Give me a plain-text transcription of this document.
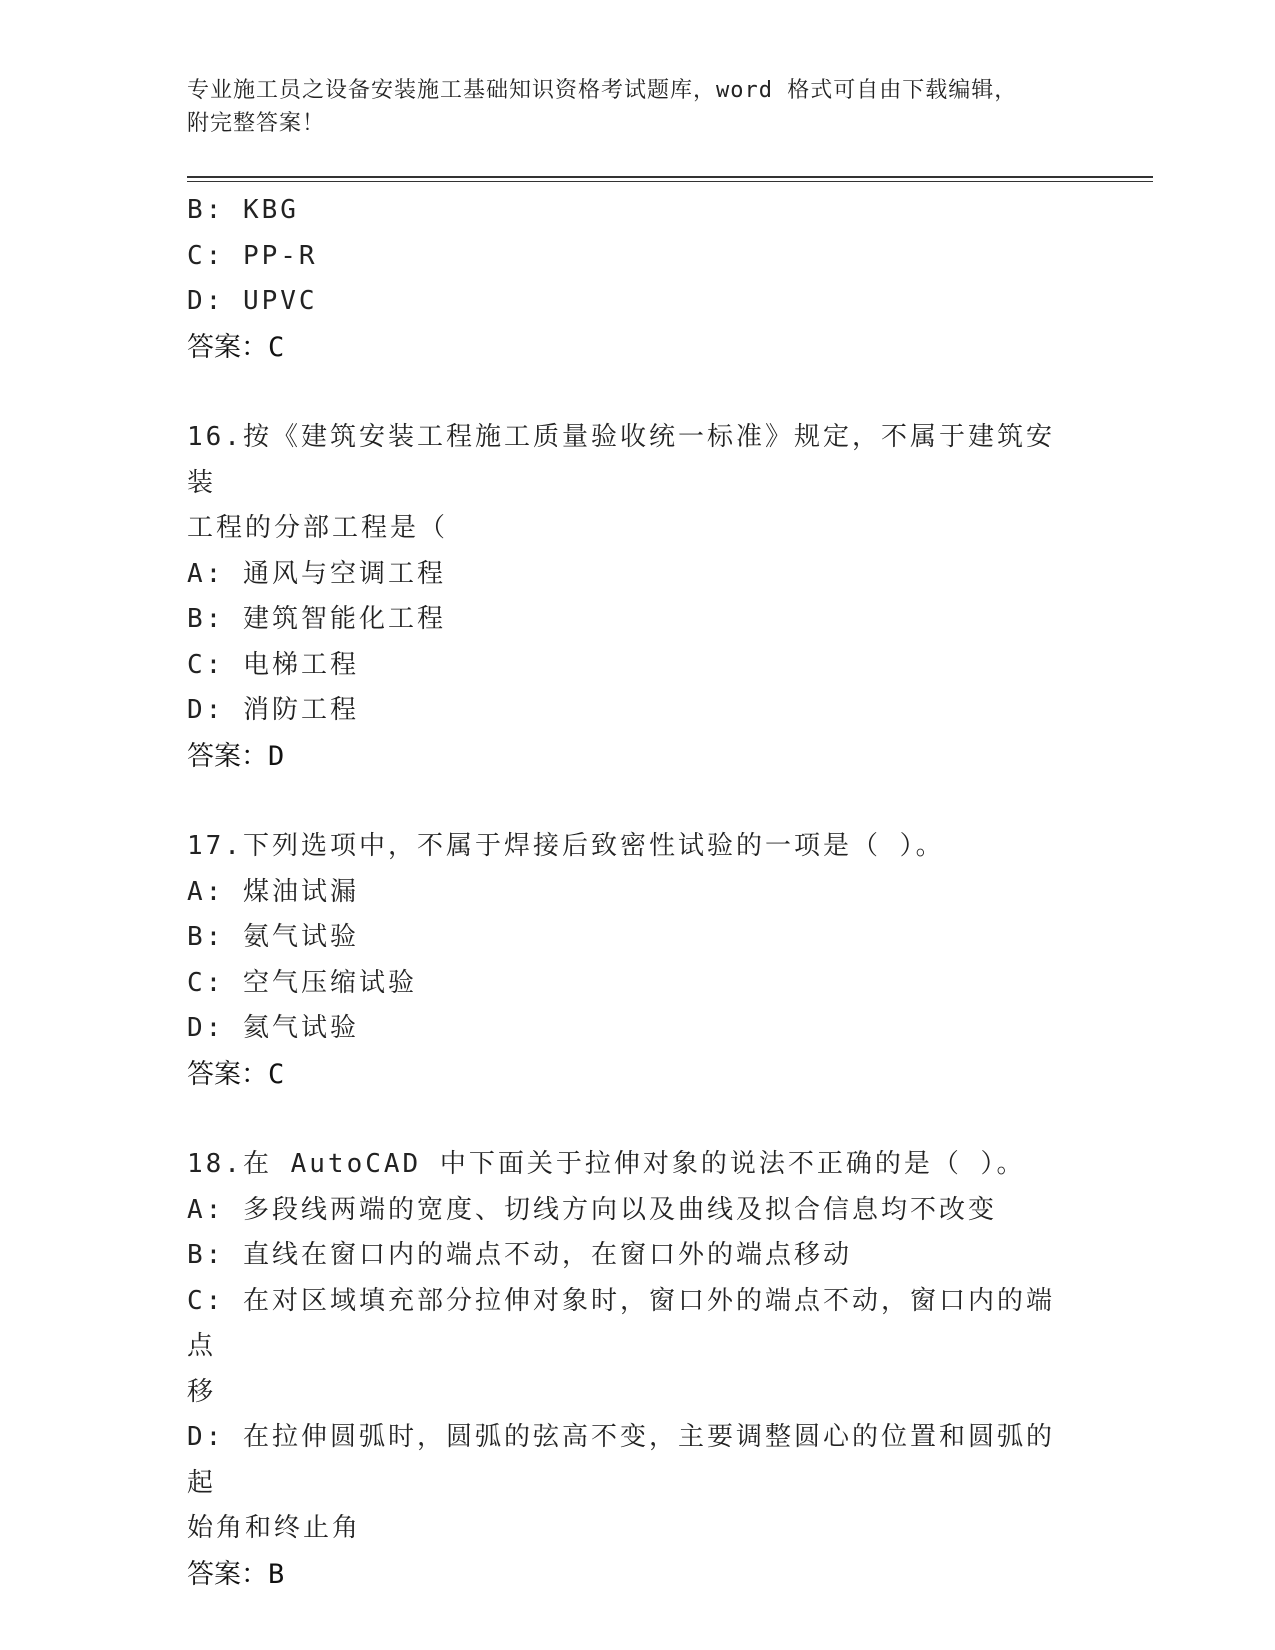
专业施工员之设备安装施工基础知识资格考试题库，word 格式可自由下载编辑，
附完整答案！
B: KBG
C: PP-R
D: UPVC
答案：C
16.按《建筑安装工程施工质量验收统一标准》规定，不属于建筑安装
工程的分部工程是（
A: 通风与空调工程
B: 建筑智能化工程
C: 电梯工程
D: 消防工程
答案：D
17.下列选项中，不属于焊接后致密性试验的一项是（ ）。
A: 煤油试漏
B: 氨气试验
C: 空气压缩试验
D: 氦气试验
答案：C
18.在 AutoCAD 中下面关于拉伸对象的说法不正确的是（ ）。
A: 多段线两端的宽度、切线方向以及曲线及拟合信息均不改变
B: 直线在窗口内的端点不动，在窗口外的端点移动
C: 在对区域填充部分拉伸对象时，窗口外的端点不动，窗口内的端点
移
D: 在拉伸圆弧时，圆弧的弦高不变，主要调整圆心的位置和圆弧的起
始角和终止角
答案：B
